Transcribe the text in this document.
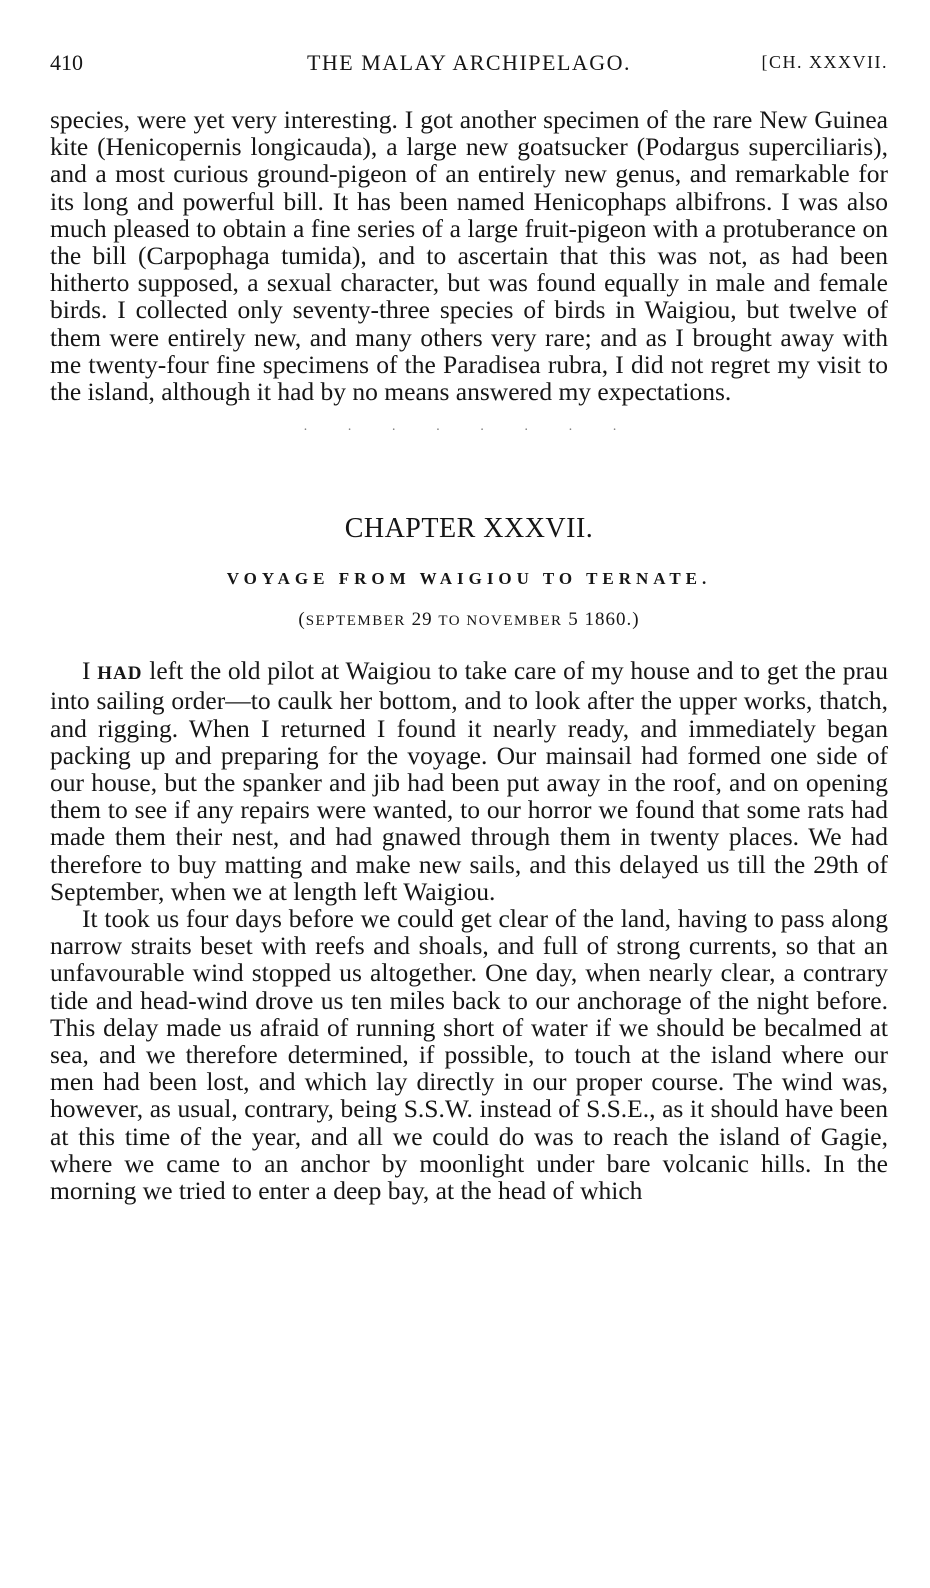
410	THE MALAY ARCHIPELAGO.	[CH. XXXVII.

species, were yet very interesting. I got another specimen of the rare New Guinea kite (Henicopernis longicauda), a large new goatsucker (Podargus superciliaris), and a most curious ground-pigeon of an entirely new genus, and remarkable for its long and powerful bill. It has been named Henicophaps albifrons. I was also much pleased to obtain a fine series of a large fruit-pigeon with a protuberance on the bill (Carpophaga tumida), and to ascertain that this was not, as had been hitherto supposed, a sexual character, but was found equally in male and female birds. I collected only seventy-three species of birds in Waigiou, but twelve of them were entirely new, and many others very rare; and as I brought away with me twenty-four fine specimens of the Paradisea rubra, I did not regret my visit to the island, although it had by no means answered my expectations.

· · · · · · · ·
CHAPTER XXXVII.
VOYAGE FROM WAIGIOU TO TERNATE.
(SEPTEMBER 29 TO NOVEMBER 5 1860.)

I HAD left the old pilot at Waigiou to take care of my house and to get the prau into sailing order—to caulk her bottom, and to look after the upper works, thatch, and rigging. When I returned I found it nearly ready, and immediately began packing up and preparing for the voyage. Our mainsail had formed one side of our house, but the spanker and jib had been put away in the roof, and on opening them to see if any repairs were wanted, to our horror we found that some rats had made them their nest, and had gnawed through them in twenty places. We had therefore to buy matting and make new sails, and this delayed us till the 29th of September, when we at length left Waigiou.

It took us four days before we could get clear of the land, having to pass along narrow straits beset with reefs and shoals, and full of strong currents, so that an unfavourable wind stopped us altogether. One day, when nearly clear, a contrary tide and head-wind drove us ten miles back to our anchorage of the night before. This delay made us afraid of running short of water if we should be becalmed at sea, and we therefore determined, if possible, to touch at the island where our men had been lost, and which lay directly in our proper course. The wind was, however, as usual, contrary, being S.S.W. instead of S.S.E., as it should have been at this time of the year, and all we could do was to reach the island of Gagie, where we came to an anchor by moonlight under bare volcanic hills. In the morning we tried to enter a deep bay, at the head of which
